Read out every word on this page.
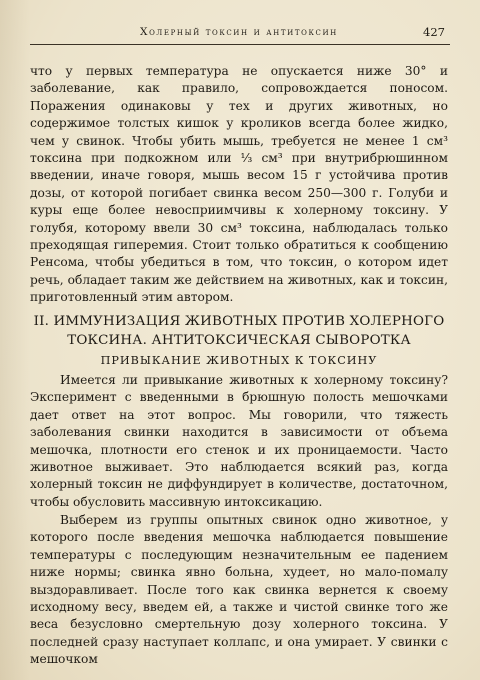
Холерный токсин и антитоксин	427

что у первых температура не опускается ниже 30° и заболевание, как правило, сопровождается поносом. Поражения одинаковы у тех и других животных, но содержимое толстых кишок у кроликов всегда более жидко, чем у свинок. Чтобы убить мышь, требуется не менее 1 см³ токсина при подкожном или ⅓ см³ при внутрибрюшинном введении, иначе говоря, мышь весом 15 г устойчива против дозы, от которой погибает свинка весом 250—300 г. Голуби и куры еще более невосприимчивы к холерному токсину. У голубя, которому ввели 30 см³ токсина, наблюдалась только преходящая гиперемия. Стоит только обратиться к сообщению Ренсома, чтобы убедиться в том, что токсин, о котором идет речь, обладает таким же действием на животных, как и токсин, приготовленный этим автором.

II. ИММУНИЗАЦИЯ ЖИВОТНЫХ ПРОТИВ ХОЛЕРНОГО
ТОКСИНА. АНТИТОКСИЧЕСКАЯ СЫВОРОТКА
ПРИВЫКАНИЕ ЖИВОТНЫХ К ТОКСИНУ

Имеется ли привыкание животных к холерному токсину? Эксперимент с введенными в брюшную полость мешочками дает ответ на этот вопрос. Мы говорили, что тяжесть заболевания свинки находится в зависимости от объема мешочка, плотности его стенок и их проницаемости. Часто животное выживает. Это наблюдается всякий раз, когда холерный токсин не диффундирует в количестве, достаточном, чтобы обусловить массивную интоксикацию.

Выберем из группы опытных свинок одно животное, у которого после введения мешочка наблюдается повышение температуры с последующим незначительным ее падением ниже нормы; свинка явно больна, худеет, но мало-помалу выздоравливает. После того как свинка вернется к своему исходному весу, введем ей, а также и чистой свинке того же веса безусловно смертельную дозу холерного токсина. У последней сразу наступает коллапс, и она умирает. У свинки с мешочком
